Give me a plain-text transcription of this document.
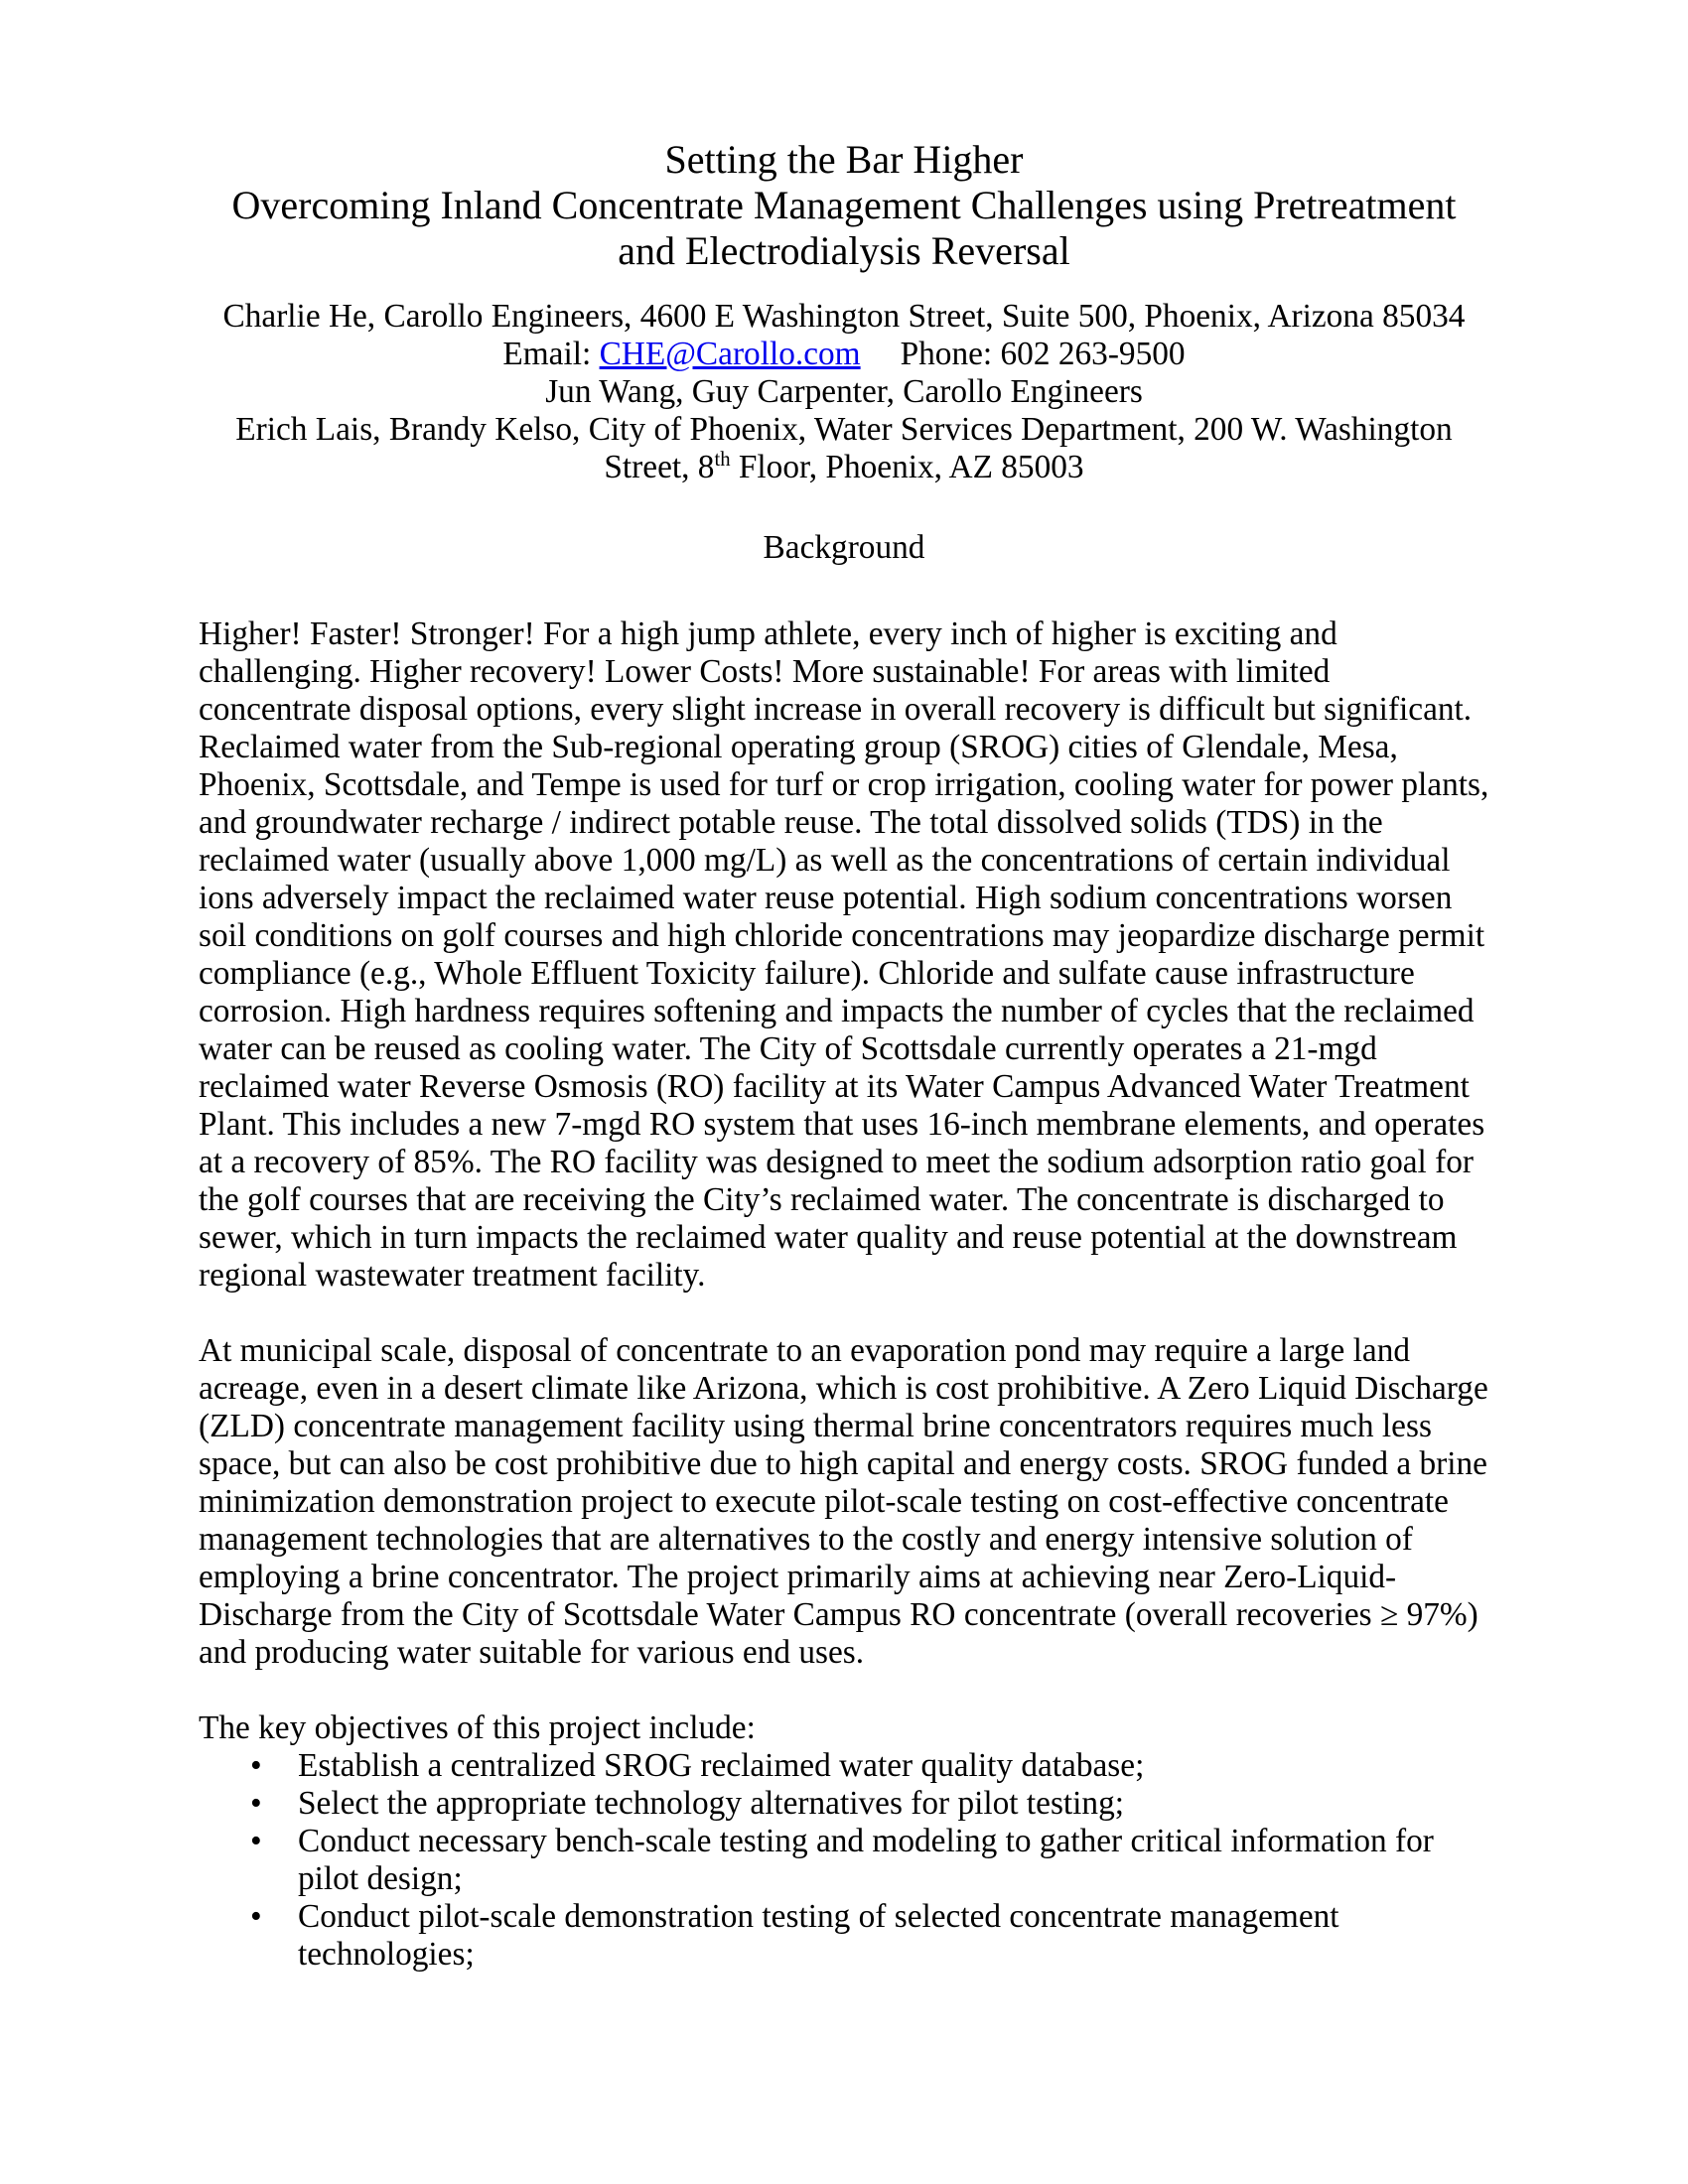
Setting the Bar Higher
Overcoming Inland Concentrate Management Challenges using Pretreatment
and Electrodialysis Reversal
Charlie He, Carollo Engineers, 4600 E Washington Street, Suite 500, Phoenix, Arizona 85034
Email: CHE@Carollo.com Phone: 602 263-9500
Jun Wang, Guy Carpenter, Carollo Engineers
Erich Lais, Brandy Kelso, City of Phoenix, Water Services Department, 200 W. Washington
Street, 8th Floor, Phoenix, AZ 85003
Background
Higher! Faster! Stronger! For a high jump athlete, every inch of higher is exciting and challenging. Higher recovery! Lower Costs! More sustainable! For areas with limited concentrate disposal options, every slight increase in overall recovery is difficult but significant. Reclaimed water from the Sub-regional operating group (SROG) cities of Glendale, Mesa, Phoenix, Scottsdale, and Tempe is used for turf or crop irrigation, cooling water for power plants, and groundwater recharge / indirect potable reuse. The total dissolved solids (TDS) in the reclaimed water (usually above 1,000 mg/L) as well as the concentrations of certain individual ions adversely impact the reclaimed water reuse potential. High sodium concentrations worsen soil conditions on golf courses and high chloride concentrations may jeopardize discharge permit compliance (e.g., Whole Effluent Toxicity failure). Chloride and sulfate cause infrastructure corrosion. High hardness requires softening and impacts the number of cycles that the reclaimed water can be reused as cooling water. The City of Scottsdale currently operates a 21-mgd reclaimed water Reverse Osmosis (RO) facility at its Water Campus Advanced Water Treatment Plant. This includes a new 7-mgd RO system that uses 16-inch membrane elements, and operates at a recovery of 85%. The RO facility was designed to meet the sodium adsorption ratio goal for the golf courses that are receiving the City’s reclaimed water. The concentrate is discharged to sewer, which in turn impacts the reclaimed water quality and reuse potential at the downstream regional wastewater treatment facility.
At municipal scale, disposal of concentrate to an evaporation pond may require a large land acreage, even in a desert climate like Arizona, which is cost prohibitive. A Zero Liquid Discharge (ZLD) concentrate management facility using thermal brine concentrators requires much less space, but can also be cost prohibitive due to high capital and energy costs. SROG funded a brine minimization demonstration project to execute pilot-scale testing on cost-effective concentrate management technologies that are alternatives to the costly and energy intensive solution of employing a brine concentrator. The project primarily aims at achieving near Zero-Liquid-Discharge from the City of Scottsdale Water Campus RO concentrate (overall recoveries ≥ 97%) and producing water suitable for various end uses.
The key objectives of this project include:
• Establish a centralized SROG reclaimed water quality database;
• Select the appropriate technology alternatives for pilot testing;
• Conduct necessary bench-scale testing and modeling to gather critical information for pilot design;
• Conduct pilot-scale demonstration testing of selected concentrate management technologies;
